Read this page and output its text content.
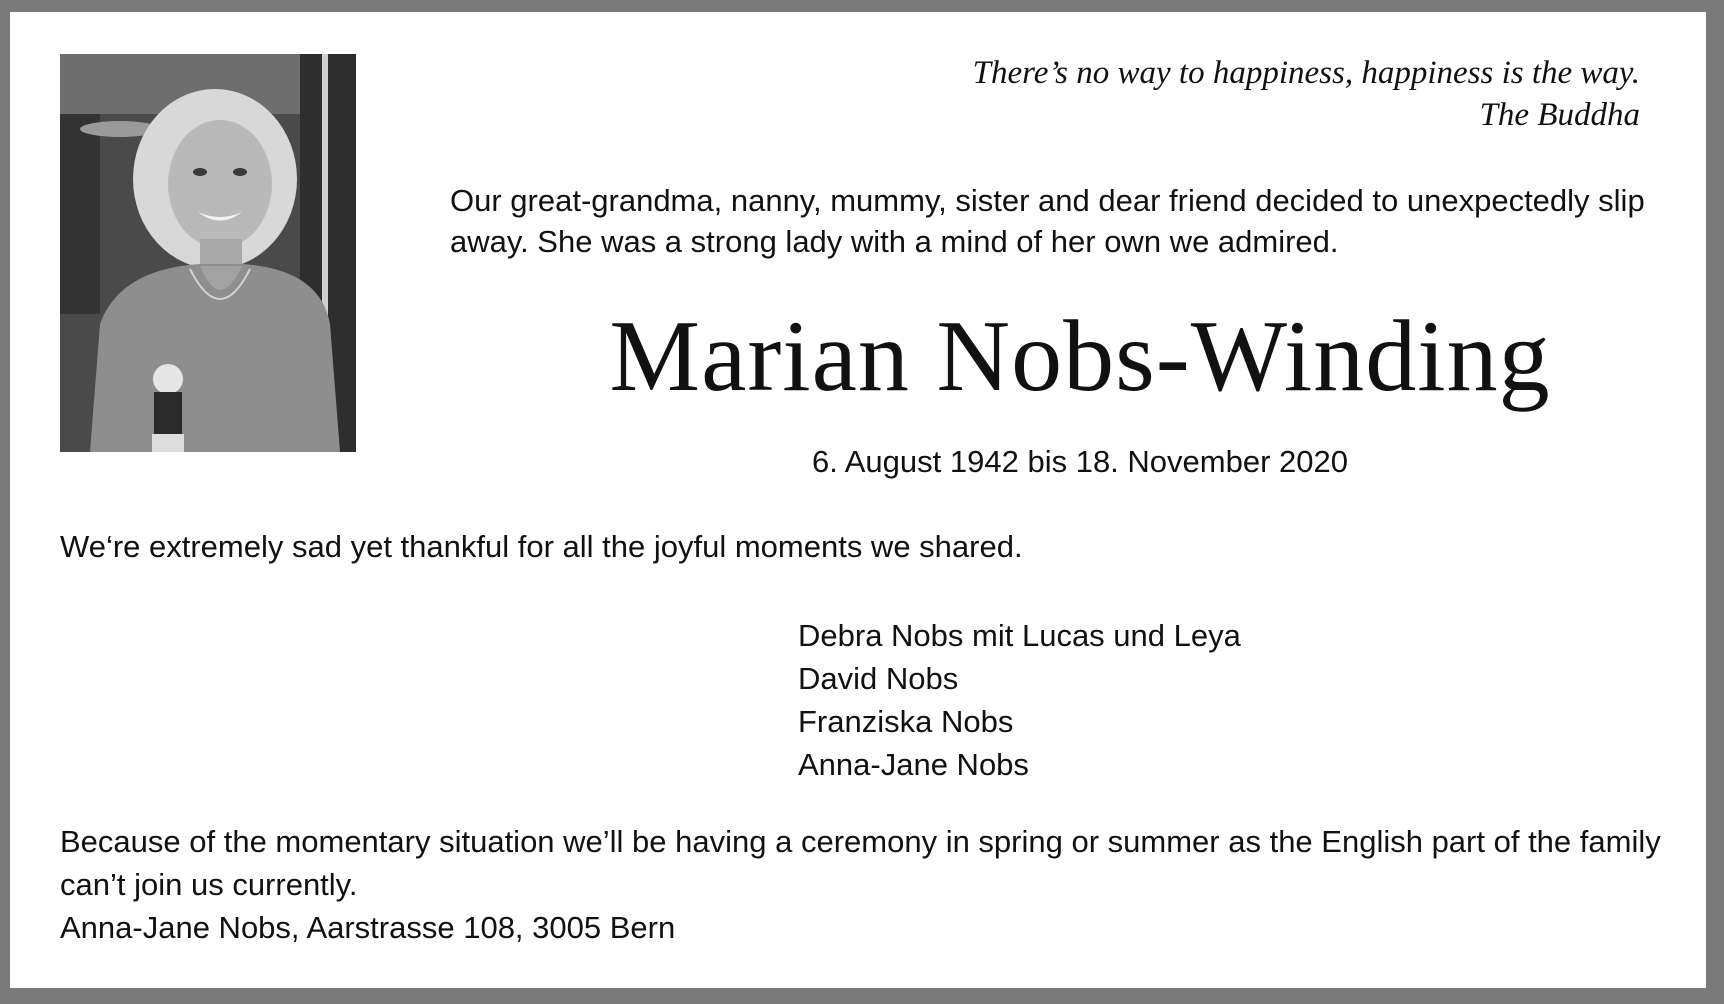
There’s no way to happiness, happiness is the way.
The Buddha
Our great-grandma, nanny, mummy, sister and dear friend decided to unexpectedly slip away. She was a strong lady with a mind of her own we admired.
Marian Nobs-Winding
6. August 1942 bis 18. November 2020
We‘re extremely sad yet thankful for all the joyful moments we shared.
Debra Nobs mit Lucas und Leya
David Nobs
Franziska Nobs
Anna-Jane Nobs
Because of the momentary situation we’ll be having a ceremony in spring or summer as the English part of the family can’t join us currently.
Anna-Jane Nobs, Aarstrasse 108, 3005 Bern
